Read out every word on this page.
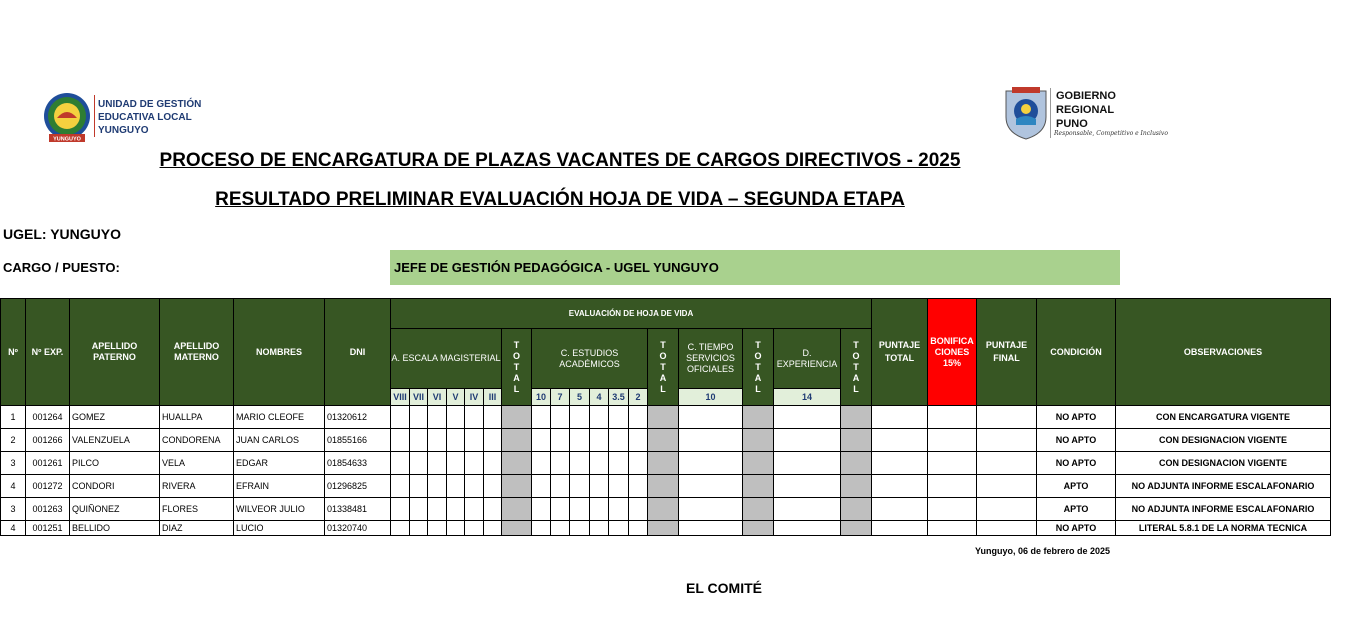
YUNGUYO
UNIDAD DE GESTIÓN
EDUCATIVA LOCAL
YUNGUYO
GOBIERNO
REGIONAL
PUNO
Responsable, Competitivo e Inclusivo
PROCESO DE ENCARGATURA DE PLAZAS VACANTES DE CARGOS DIRECTIVOS - 2025
RESULTADO PRELIMINAR EVALUACIÓN HOJA DE VIDA – SEGUNDA ETAPA
UGEL: YUNGUYO
CARGO / PUESTO:	JEFE DE GESTIÓN PEDAGÓGICA - UGEL YUNGUYO
Nº	Nº EXP.	APELLIDO PATERNO	APELLIDO MATERNO	NOMBRES	DNI	EVALUACIÓN DE HOJA DE VIDA																		PUNTAJE TOTAL	BONIFICA CIONES 15%	PUNTAJE FINAL	CONDICIÓN	OBSERVACIONES
						A. ESCALA MAGISTERIAL						T O T A L	C. ESTUDIOS ACADÉMICOS						T O T A L	C. TIEMPO SERVICIOS OFICIALES	T O T A L	D. EXPERIENCIA	T O T A L					

						VIII	VII	VI	V	IV	III		10	7	5	4	3.5	2		10		14						
1	001264	GOMEZ	HUALLPA	MARIO CLEOFE	01320612																						NO APTO	CON ENCARGATURA VIGENTE
2	001266	VALENZUELA	CONDORENA	JUAN CARLOS	01855166																						NO APTO	CON DESIGNACION VIGENTE
3	001261	PILCO	VELA	EDGAR	01854633																						NO APTO	CON DESIGNACION VIGENTE
4	001272	CONDORI	RIVERA	EFRAIN	01296825																						APTO	NO ADJUNTA INFORME ESCALAFONARIO
3	001263	QUIÑONEZ	FLORES	WILVEOR JULIO	01338481																						APTO	NO ADJUNTA INFORME ESCALAFONARIO
4	001251	BELLIDO	DIAZ	LUCIO	01320740																						NO APTO	LITERAL 5.8.1 DE LA NORMA TECNICA
Yunguyo, 06 de febrero de 2025
EL COMITÉ
